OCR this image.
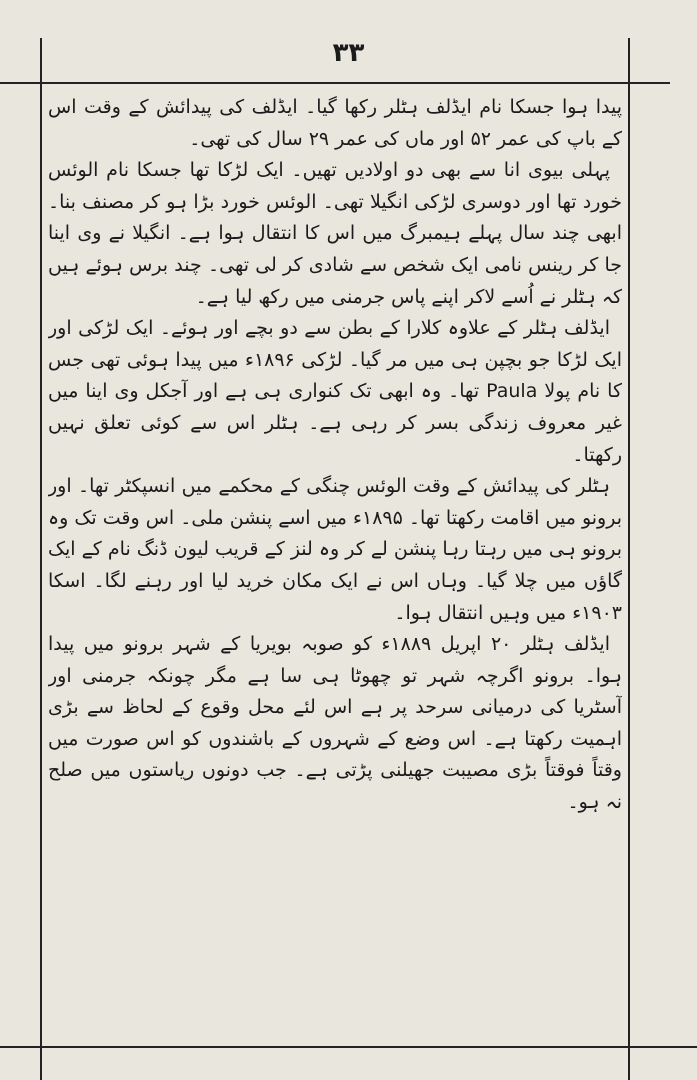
۳۳

پیدا ہوا جسکا نام ایڈلف ہٹلر رکھا گیا۔ ایڈلف کی پیدائش کے وقت اس کے باپ کی عمر ۵۲ اور ماں کی عمر ۲۹ سال کی تھی۔

پہلی بیوی انا سے بھی دو اولادیں تھیں۔ ایک لڑکا تھا جسکا نام الوئس خورد تھا اور دوسری لڑکی انگیلا تھی۔ الوئس خورد بڑا ہو کر مصنف بنا۔ ابھی چند سال پہلے ہیمبرگ میں اس کا انتقال ہوا ہے۔ انگیلا نے وی اینا جا کر رینس نامی ایک شخص سے شادی کر لی تھی۔ چند برس ہوئے ہیں کہ ہٹلر نے اُسے لاکر اپنے پاس جرمنی میں رکھ لیا ہے۔

ایڈلف ہٹلر کے علاوہ کلارا کے بطن سے دو بچے اور ہوئے۔ ایک لڑکی اور ایک لڑکا جو بچپن ہی میں مر گیا۔ لڑکی ۱۸۹۶ء میں پیدا ہوئی تھی جس کا نام پولا Paula تھا۔ وہ ابھی تک کنواری ہی ہے اور آجکل وی اینا میں غیر معروف زندگی بسر کر رہی ہے۔ ہٹلر اس سے کوئی تعلق نہیں رکھتا۔

ہٹلر کی پیدائش کے وقت الوئس چنگی کے محکمے میں انسپکٹر تھا۔ اور برونو میں اقامت رکھتا تھا۔ ۱۸۹۵ء میں اسے پنشن ملی۔ اس وقت تک وہ برونو ہی میں رہتا رہا پنشن لے کر وہ لنز کے قریب لیون ڈنگ نام کے ایک گاؤں میں چلا گیا۔ وہاں اس نے ایک مکان خرید لیا اور رہنے لگا۔ اسکا ۱۹۰۳ء میں وہیں انتقال ہوا۔

ایڈلف ہٹلر ۲۰ اپریل ۱۸۸۹ء کو صوبہ بویریا کے شہر برونو میں پیدا ہوا۔ برونو اگرچہ شہر تو چھوٹا ہی سا ہے مگر چونکہ جرمنی اور آسٹریا کی درمیانی سرحد پر ہے اس لئے محل وقوع کے لحاظ سے بڑی اہمیت رکھتا ہے۔ اس وضع کے شہروں کے باشندوں کو اس صورت میں وقتاً فوقتاً بڑی مصیبت جھیلنی پڑتی ہے۔ جب دونوں ریاستوں میں صلح نہ ہو۔
